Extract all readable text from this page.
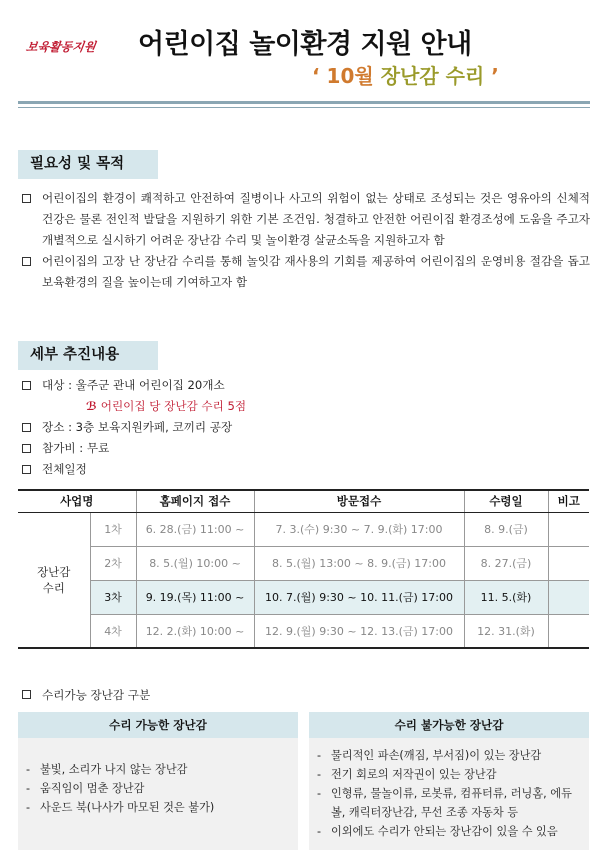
보육활동지원 어린이집 놀이환경 지원 안내
‘ 10월 장난감 수리 ’
필요성 및 목적
어린이집의 환경이 쾌적하고 안전하여 질병이나 사고의 위험이 없는 상태로 조성되는 것은 영유아의 신체적 건강은 물론 전인적 발달을 지원하기 위한 기본 조건임. 청결하고 안전한 어린이집 환경조성에 도움을 주고자 개별적으로 실시하기 어려운 장난감 수리 및 놀이환경 살균소독을 지원하고자 함
어린이집의 고장 난 장난감 수리를 통해 놀잇감 재사용의 기회를 제공하여 어린이집의 운영비용 절감을 돕고 보육환경의 질을 높이는데 기여하고자 함
세부 추진내용
대상 : 울주군 관내 어린이집 20개소
ℬ 어린이집 당 장난감 수리 5점
장소 : 3층 보육지원카페, 코끼리 공장
참가비 : 무료
전체일정
사업명		홈페이지 접수	방문접수	수령일	비고
장난감
수리	1차	6. 28.(금) 11:00 ~	7. 3.(수) 9:30 ~ 7. 9.(화) 17:00	8. 9.(금)	
	2차	8. 5.(월) 10:00 ~	8. 5.(월) 13:00 ~ 8. 9.(금) 17:00	8. 27.(금)	
	3차	9. 19.(목) 11:00 ~	10. 7.(월) 9:30 ~ 10. 11.(금) 17:00	11. 5.(화)	
	4차	12. 2.(화) 10:00 ~	12. 9.(월) 9:30 ~ 12. 13.(금) 17:00	12. 31.(화)	
수리가능 장난감 구분
수리 가능한 장난감
- 불빛, 소리가 나지 않는 장난감
- 움직임이 멈춘 장난감
- 사운드 북(나사가 마모된 것은 불가)
수리 불가능한 장난감
- 물리적인 파손(깨짐, 부서짐)이 있는 장난감
- 전기 회로의 저작권이 있는 장난감
- 인형류, 물놀이류, 로봇류, 컴퓨터류, 러닝홈, 에듀볼, 캐릭터장난감, 무선 조종 자동차 등
- 이외에도 수리가 안되는 장난감이 있을 수 있음
